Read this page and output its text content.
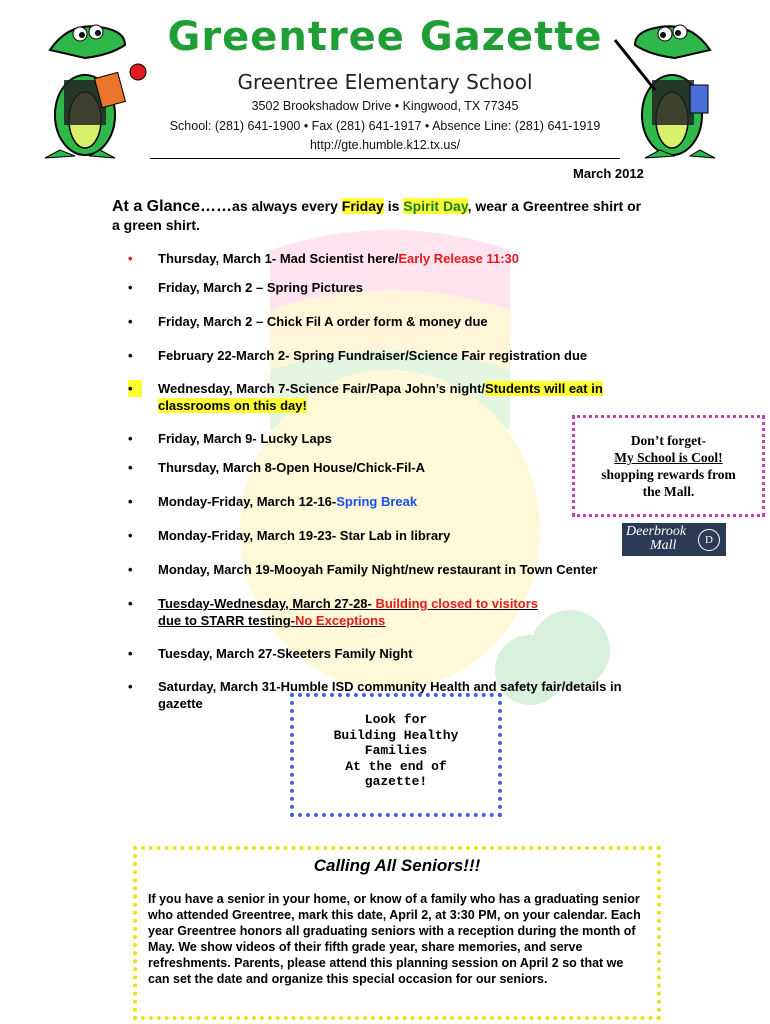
Greentree Gazette
Greentree Elementary School
3502 Brookshadow Drive • Kingwood, TX 77345
School: (281) 641-1900 • Fax (281) 641-1917 • Absence Line: (281) 641-1919
http://gte.humble.k12.tx.us/
March 2012
At a Glance……as always every Friday is Spirit Day, wear a Greentree shirt or a green shirt.
•	Thursday, March 1- Mad Scientist here/Early Release 11:30
•	Friday, March 2 – Spring Pictures
•	Friday, March 2 – Chick Fil A order form & money due
•	February 22-March 2- Spring Fundraiser/Science Fair registration due
•	Wednesday, March 7-Science Fair/Papa John’s night/Students will eat in classrooms on this day!
•	Friday, March 9- Lucky Laps
•	Thursday, March 8-Open House/Chick-Fil-A
•	Monday-Friday, March 12-16-Spring Break
•	Monday-Friday, March 19-23- Star Lab in library
•	Monday, March 19-Mooyah Family Night/new restaurant in Town Center
•	Tuesday-Wednesday, March 27-28- Building closed to visitors
due to STARR testing-No Exceptions
•	Tuesday, March 27-Skeeters Family Night
•	Saturday, March 31-Humble ISD community Health and safety fair/details in gazette
Don’t forget-
My School is Cool!
shopping rewards from
the Mall.
Deerbrook
Mall	D
Look for
Building Healthy
Families
At the end of
gazette!
Calling All Seniors!!!
If you have a senior in your home, or know of a family who has a graduating senior who attended Greentree, mark this date, April 2, at 3:30 PM, on your calendar. Each year Greentree honors all graduating seniors with a reception during the month of May. We show videos of their fifth grade year, share memories, and serve refreshments. Parents, please attend this planning session on April 2 so that we can set the date and organize this special occasion for our seniors.
